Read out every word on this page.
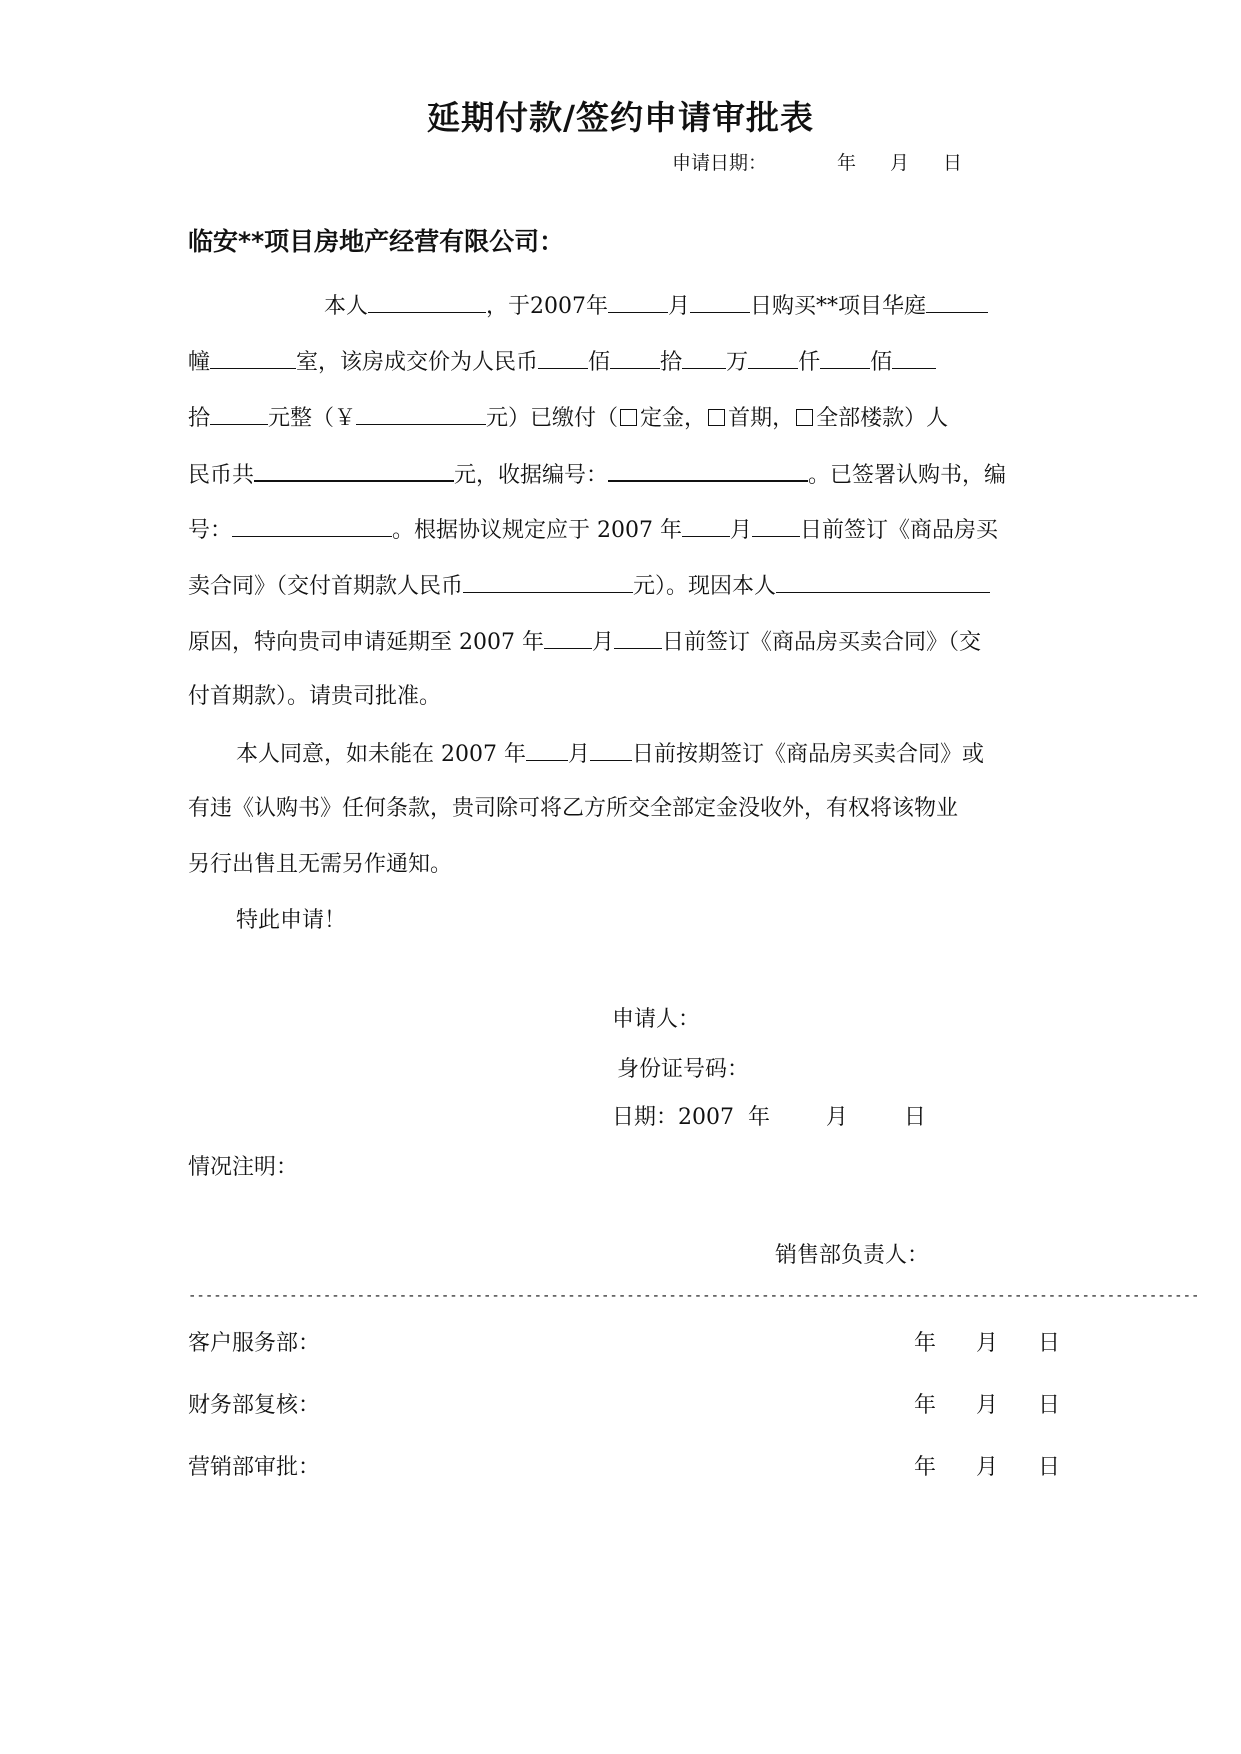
延期付款/签约申请审批表
申请日期：	年 月 日
临安**项目房地产经营有限公司：
本人	，于2007年	月	日购买**项目华庭
幢	室，该房成交价为人民币 佰 拾 万 仟 佰
拾	元整（￥	元）已缴付（ 定金， 首期， 全部楼款）人
民币共	元，收据编号：	。已签署认购书，编
号：	。根据协议规定应于 2007 年 月 日前签订《商品房买
卖合同》（交付首期款人民币	元）。现因本人
原因，特向贵司申请延期至 2007 年 月 日前签订《商品房买卖合同》（交
付首期款）。请贵司批准。
本人同意，如未能在 2007 年 月 日前按期签订《商品房买卖合同》或
有违《认购书》任何条款，贵司除可将乙方所交全部定金没收外，有权将该物业
另行出售且无需另作通知。
特此申请！
申请人：
身份证号码：
日期：2007  年        月        日
情况注明：
销售部负责人：
------------------------------------------------------------------------------------------------------------------------
客户服务部：	年 月 日
财务部复核：	年 月 日
营销部审批：	年 月 日
